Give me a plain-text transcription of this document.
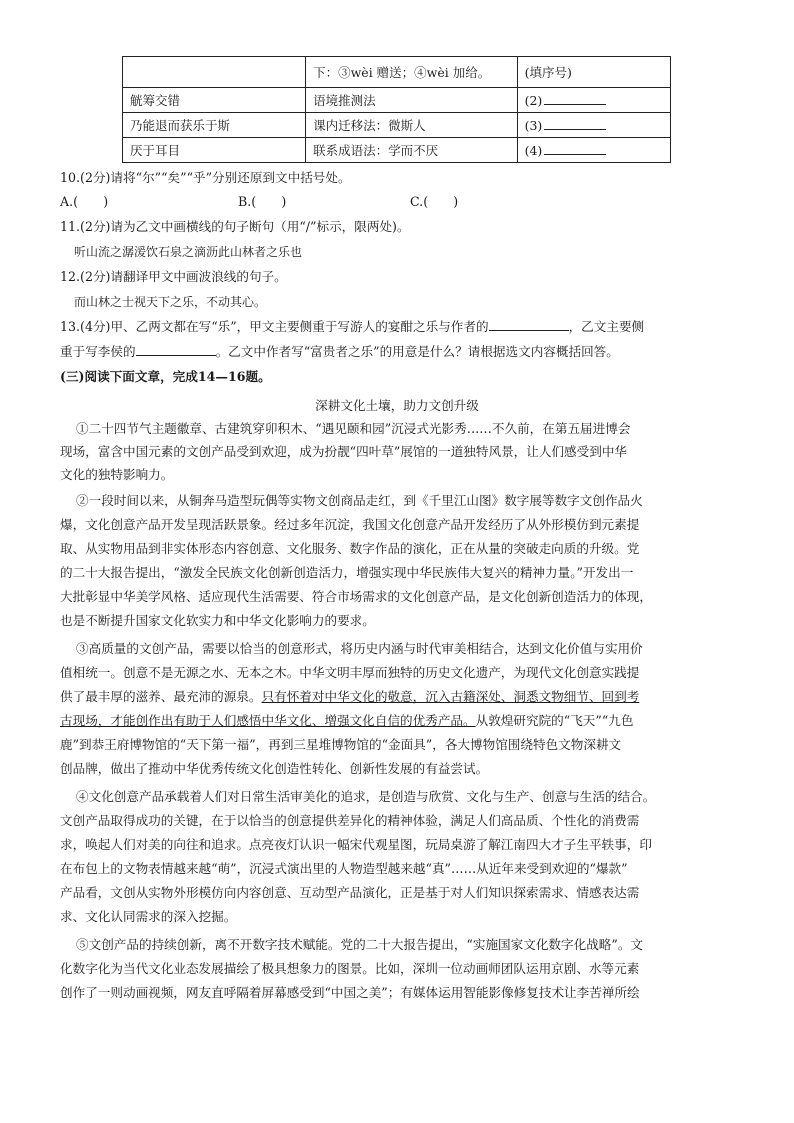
	下：③wèi 赠送；④wèi 加给。	(填序号)
觥筹交错	语境推测法	(2)
乃能退而获乐于斯	课内迁移法：微斯人	(3)
厌于耳目	联系成语法：学而不厌	(4)
10.(2分)请将“尔”“矣”“乎”分别还原到文中括号处。
A.(　　)	B.(　　)	C.(　　)
11.(2分)请为乙文中画横线的句子断句（用“/”标示，限两处)。
听山流之潺湲饮石泉之滴沥此山林者之乐也
12.(2分)请翻译甲文中画波浪线的句子。
而山林之士视天下之乐，不动其心。
13.(4分)甲、乙两文都在写“乐”，甲文主要侧重于写游人的宴酣之乐与作者的	，乙文主要侧
重于写李侯的	。乙文中作者写“富贵者之乐”的用意是什么？请根据选文内容概括回答。
(三)阅读下面文章，完成14—16题。
深耕文化土壤，助力文创升级
①二十四节气主题徽章、古建筑穿卯积木、“遇见颐和园”沉浸式光影秀……不久前，在第五届进博会
现场，富含中国元素的文创产品受到欢迎，成为扮靓“四叶草”展馆的一道独特风景，让人们感受到中华
文化的独特影响力。
②一段时间以来，从铜奔马造型玩偶等实物文创商品走红，到《千里江山图》数字展等数字文创作品火
爆，文化创意产品开发呈现活跃景象。经过多年沉淀，我国文化创意产品开发经历了从外形模仿到元素提
取、从实物用品到非实体形态内容创意、文化服务、数字作品的演化，正在从量的突破走向质的升级。党
的二十大报告提出，“激发全民族文化创新创造活力，增强实现中华民族伟大复兴的精神力量。”开发出一
大批彰显中华美学风格、适应现代生活需要、符合市场需求的文化创意产品，是文化创新创造活力的体现，
也是不断提升国家文化软实力和中华文化影响力的要求。
③高质量的文创产品，需要以恰当的创意形式，将历史内涵与时代审美相结合，达到文化价值与实用价
值相统一。创意不是无源之水、无本之木。中华文明丰厚而独特的历史文化遗产，为现代文化创意实践提
供了最丰厚的滋养、最充沛的源泉。只有怀着对中华文化的敬意，沉入古籍深处、洞悉文物细节、回到考
古现场，才能创作出有助于人们感悟中华文化、增强文化自信的优秀产品。从敦煌研究院的“飞天”“九色
鹿”到恭王府博物馆的“天下第一福”，再到三星堆博物馆的“金面具”，各大博物馆围绕特色文物深耕文
创品牌，做出了推动中华优秀传统文化创造性转化、创新性发展的有益尝试。
④文化创意产品承载着人们对日常生活审美化的追求，是创造与欣赏、文化与生产、创意与生活的结合。
文创产品取得成功的关键，在于以恰当的创意提供差异化的精神体验，满足人们高品质、个性化的消费需
求，唤起人们对美的向往和追求。点亮夜灯认识一幅宋代观星图，玩局桌游了解江南四大才子生平轶事，印
在布包上的文物表情越来越“萌”，沉浸式演出里的人物造型越来越“真”……从近年来受到欢迎的“爆款”
产品看，文创从实物外形模仿向内容创意、互动型产品演化，正是基于对人们知识探索需求、情感表达需
求、文化认同需求的深入挖掘。
⑤文创产品的持续创新，离不开数字技术赋能。党的二十大报告提出，“实施国家文化数字化战略”。文
化数字化为当代文化业态发展描绘了极具想象力的图景。比如，深圳一位动画师团队运用京剧、水等元素
创作了一则动画视频，网友直呼隔着屏幕感受到“中国之美”；有媒体运用智能影像修复技术让李苦禅所绘
